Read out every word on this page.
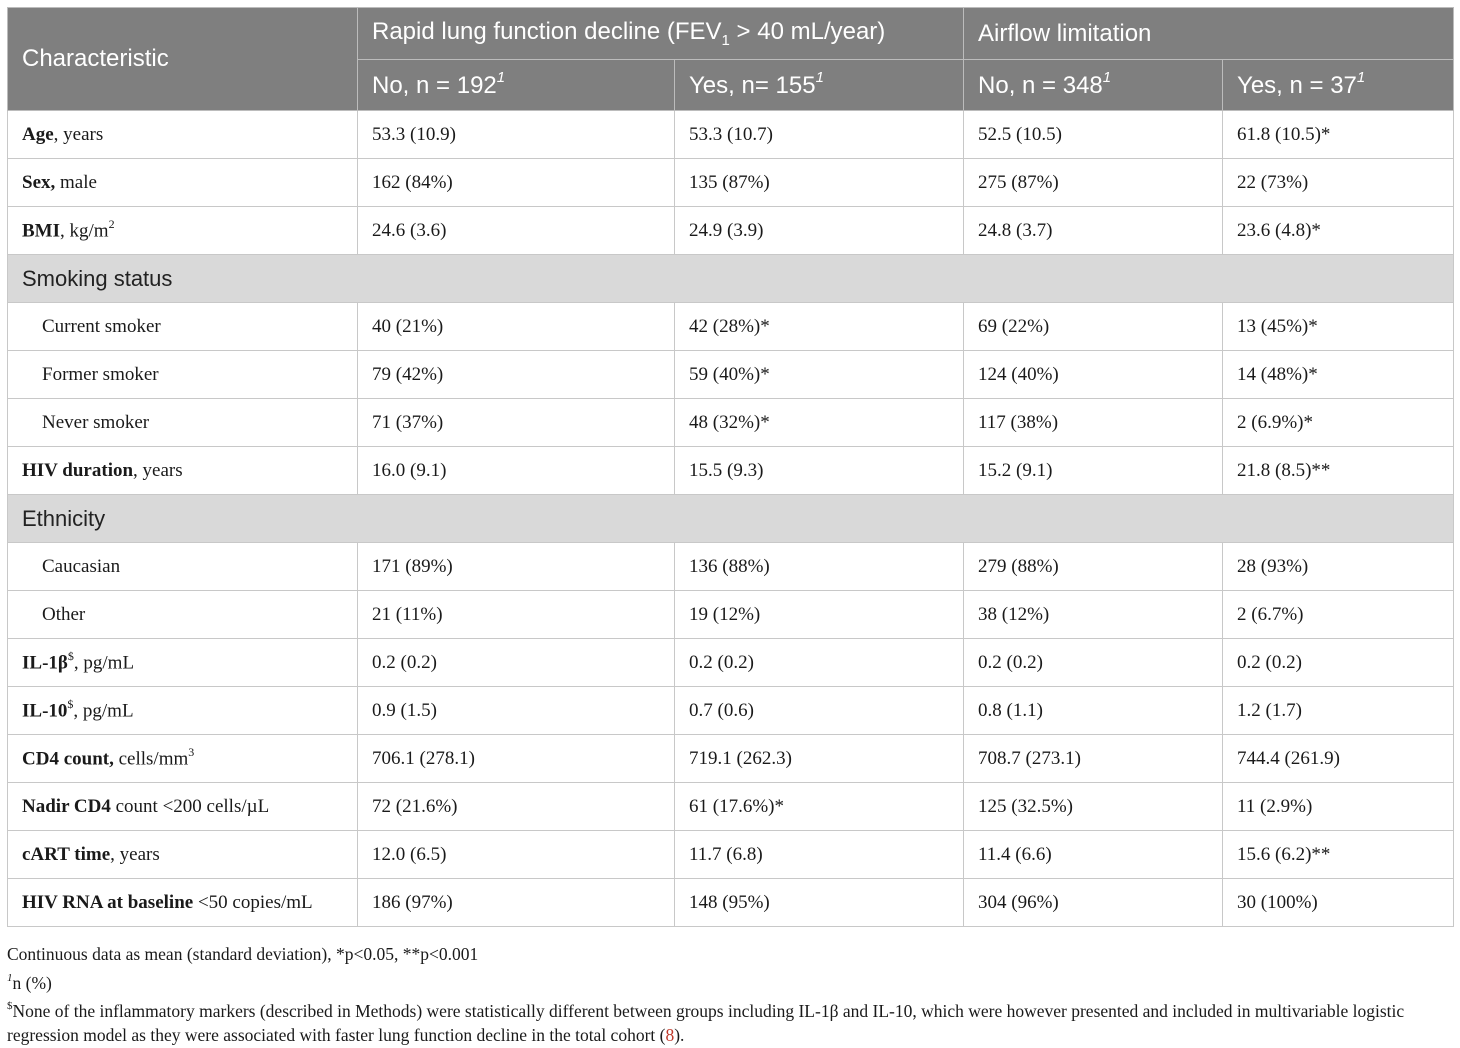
Characteristic	Rapid lung function decline ($FEV_1 > 40$ mL/year)		Airflow limitation	
	No, $n = 192^1$	Yes, $n= 155^1$	No, $n = 348^1$	Yes, $n = 37^1$
Age, years	53.3 (10.9)	53.3 (10.7)	52.5 (10.5)	61.8 (10.5)*
Sex, male	162 (84%)	135 (87%)	275 (87%)	22 (73%)
BMI, $kg/m^2$	24.6 (3.6)	24.9 (3.9)	24.8 (3.7)	23.6 (4.8)*
Smoking status				
Current smoker	40 (21%)	42 (28%)*	69 (22%)	13 (45%)*
Former smoker	79 (42%)	59 (40%)*	124 (40%)	14 (48%)*
Never smoker	71 (37%)	48 (32%)*	117 (38%)	2 (6.9%)*
HIV duration, years	16.0 (9.1)	15.5 (9.3)	15.2 (9.1)	21.8 (8.5)**
Ethnicity				
Caucasian	171 (89%)	136 (88%)	279 (88%)	28 (93%)
Other	21 (11%)	19 (12%)	38 (12%)	2 (6.7%)
IL-1β$, pg/mL	0.2 (0.2)	0.2 (0.2)	0.2 (0.2)	0.2 (0.2)
IL-10$, pg/mL	0.9 (1.5)	0.7 (0.6)	0.8 (1.1)	1.2 (1.7)
CD4 count, cells/$mm^3$	706.1 (278.1)	719.1 (262.3)	708.7 (273.1)	744.4 (261.9)
Nadir CD4 count <200 cells/µL	72 (21.6%)	61 (17.6%)*	125 (32.5%)	11 (2.9%)
cART time, years	12.0 (6.5)	11.7 (6.8)	11.4 (6.6)	15.6 (6.2)**
HIV RNA at baseline <50 copies/mL	186 (97%)	148 (95%)	304 (96%)	30 (100%)

Continuous data as mean (standard deviation), *p<0.05, **p<0.001

$^1$n (%)

$None of the inflammatory markers (described in Methods) were statistically different between groups including IL-1β and IL-10, which were however presented and included in multivariable logistic regression model as they were associated with faster lung function decline in the total cohort (8).
